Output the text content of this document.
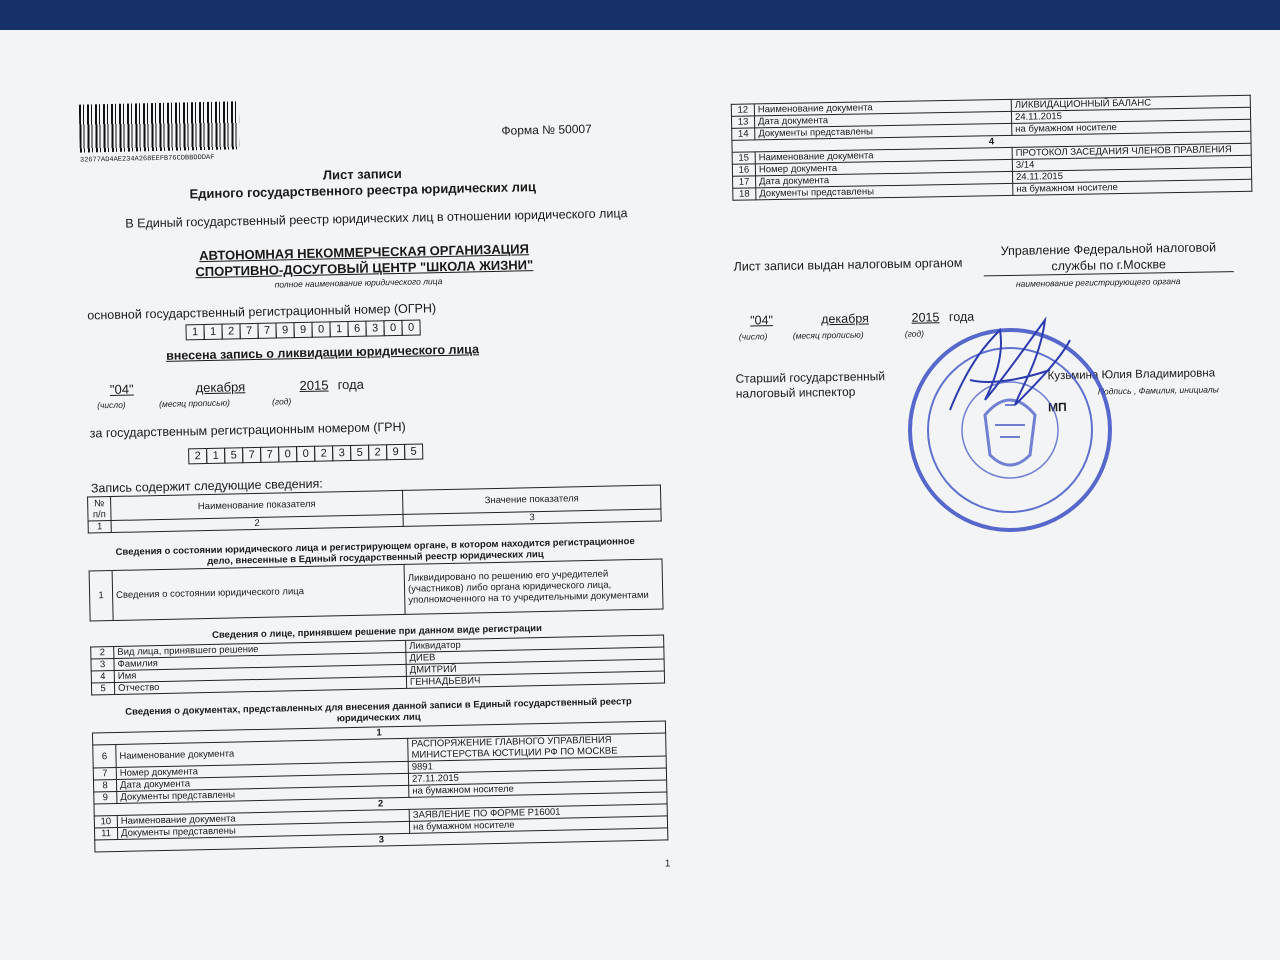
32677AD4AE234A268EEFB76CDBBDDDAF
Форма № 50007
Лист записи
Единого государственного реестра юридических лиц
В Единый государственный реестр юридических лиц в отношении юридического лица
АВТОНОМНАЯ НЕКОММЕРЧЕСКАЯ ОРГАНИЗАЦИЯ
СПОРТИВНО-ДОСУГОВЫЙ ЦЕНТР "ШКОЛА ЖИЗНИ"
полное наименование юридического лица
основной государственный регистрационный номер (ОГРН)
1	1	2	7	7	9	9	0	1	6	3	0	0
внесена запись о ликвидации юридического лица
"04"	декабря	2015 года
(число)	(месяц прописью)	(год)
за государственным регистрационным номером (ГРН)
2	1	5	7	7	0	0	2	3	5	2	9	5
Запись содержит следующие сведения:
№ п/п	Наименование показателя	Значение показателя
1	2	3
Сведения о состоянии юридического лица и регистрирующем органе, в котором находится регистрационное дело, внесенные в Единый государственный реестр юридических лиц
1	Сведения о состоянии юридического лица	Ликвидировано по решению его учредителей (участников) либо органа юридического лица, уполномоченного на то учредительными документами
Сведения о лице, принявшем решение при данном виде регистрации
2	Вид лица, принявшего решение	Ликвидатор
3	Фамилия	ДИЕВ
4	Имя	ДМИТРИЙ
5	Отчество	ГЕННАДЬЕВИЧ
Сведения о документах, представленных для внесения данной записи в Единый государственный реестр юридических лиц
1		
6	Наименование документа	РАСПОРЯЖЕНИЕ ГЛАВНОГО УПРАВЛЕНИЯ МИНИСТЕРСТВА ЮСТИЦИИ РФ ПО МОСКВЕ
7	Номер документа	9891
8	Дата документа	27.11.2015
9	Документы представлены	на бумажном носителе
2		
10	Наименование документа	ЗАЯВЛЕНИЕ ПО ФОРМЕ Р16001
11	Документы представлены	на бумажном носителе
3		
1
12	Наименование документа	ЛИКВИДАЦИОННЫЙ БАЛАНС
13	Дата документа	24.11.2015
14	Документы представлены	на бумажном носителе
4		
15	Наименование документа	ПРОТОКОЛ ЗАСЕДАНИЯ ЧЛЕНОВ ПРАВЛЕНИЯ
16	Номер документа	3/14
17	Дата документа	24.11.2015
18	Документы представлены	на бумажном носителе
Лист записи выдан налоговым органом
Управление Федеральной налоговой
службы по г.Москве
наименование регистрирующего органа
"04"	декабря	2015 года
(число)	(месяц прописью)	(год)
Старший государственный
налоговый инспектор
Кузьмина Юлия Владимировна
Подпись , Фамилия, инициалы
МП
